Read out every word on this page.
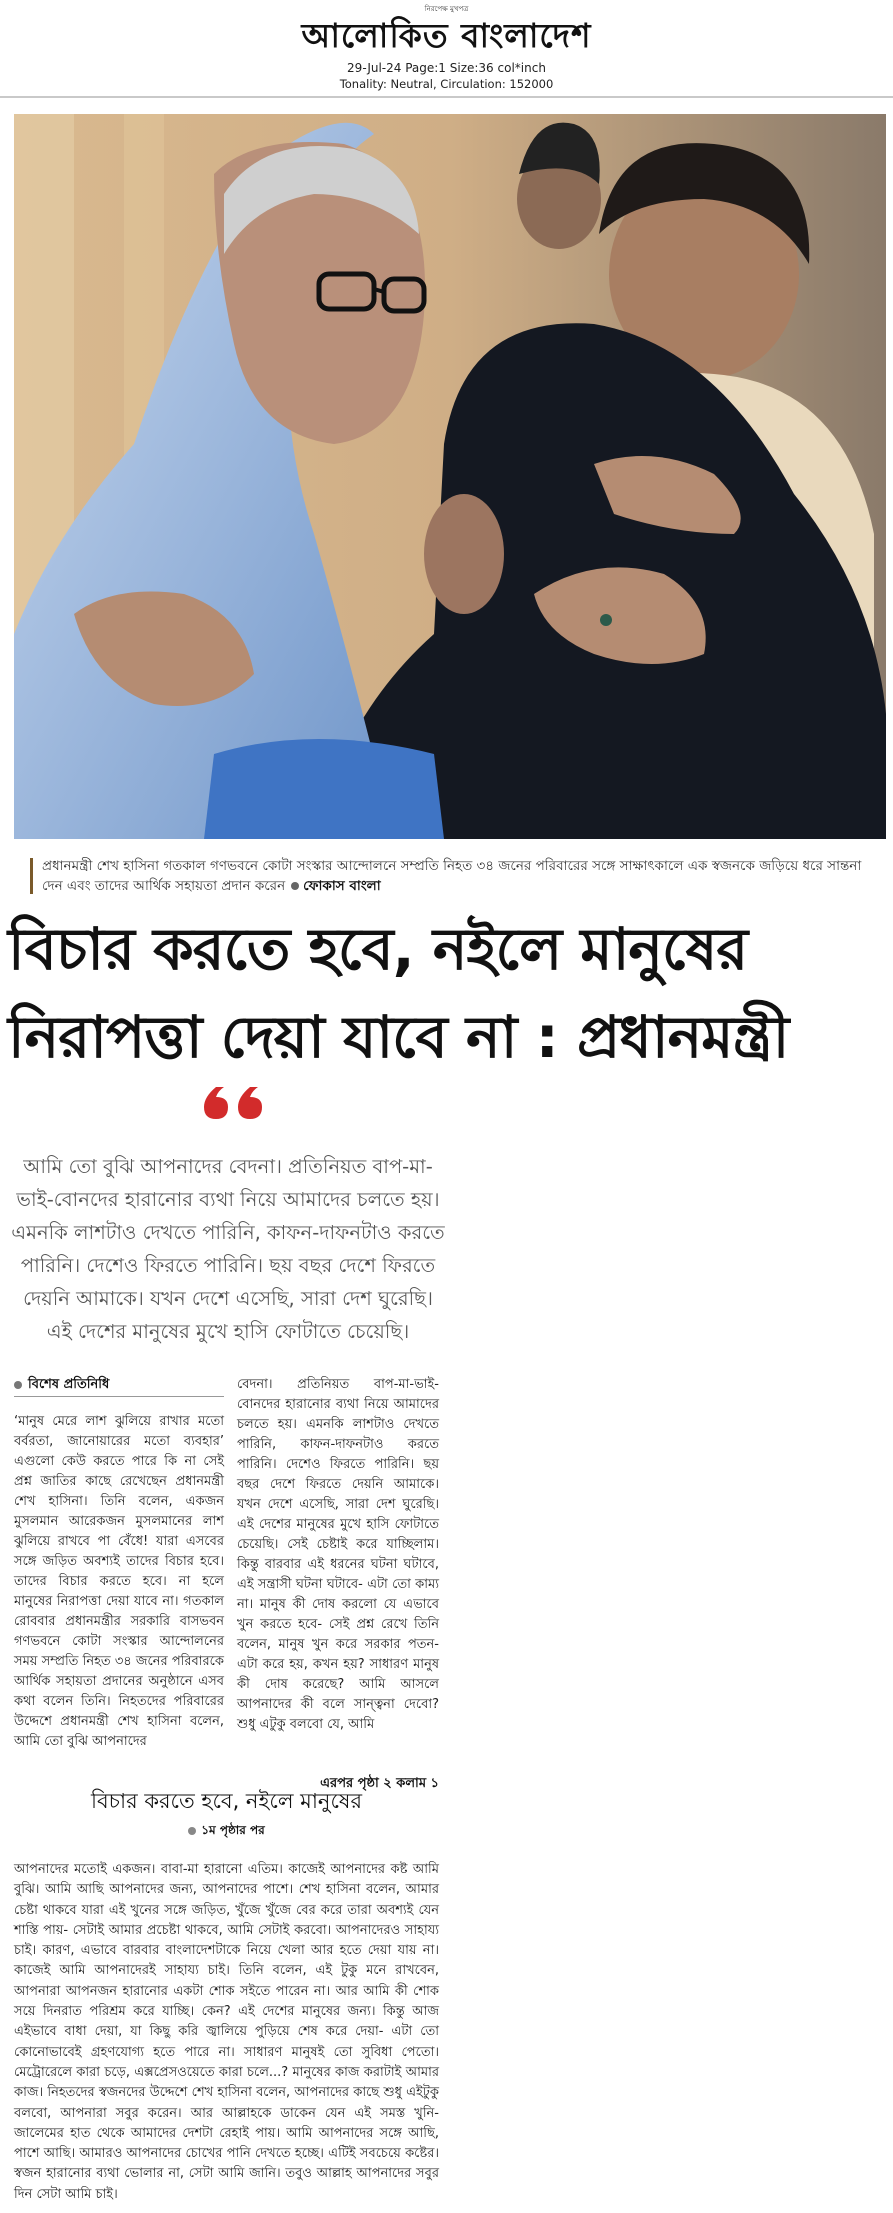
নিরপেক্ষ মুখপত্র
আলোকিত বাংলাদেশ
29-Jul-24 Page:1 Size:36 col*inch
Tonality: Neutral, Circulation: 152000
প্রধানমন্ত্রী শেখ হাসিনা গতকাল গণভবনে কোটা সংস্কার আন্দোলনে সম্প্রতি নিহত ৩৪ জনের পরিবারের সঙ্গে সাক্ষাৎকালে এক স্বজনকে জড়িয়ে ধরে সান্তনা দেন এবং তাদের আর্থিক সহায়তা প্রদান করেন ফোকাস বাংলা
বিচার করতে হবে, নইলে মানুষের
নিরাপত্তা দেয়া যাবে না : প্রধানমন্ত্রী
আমি তো বুঝি আপনাদের বেদনা। প্রতিনিয়ত বাপ-মা-ভাই-বোনদের হারানোর ব্যথা নিয়ে আমাদের চলতে হয়। এমনকি লাশটাও দেখতে পারিনি, কাফন-দাফনটাও করতে পারিনি। দেশেও ফিরতে পারিনি। ছয় বছর দেশে ফিরতে দেয়নি আমাকে। যখন দেশে এসেছি, সারা দেশ ঘুরেছি। এই দেশের মানুষের মুখে হাসি ফোটাতে চেয়েছি।
বিশেষ প্রতিনিধি
‘মানুষ মেরে লাশ ঝুলিয়ে রাখার মতো বর্বরতা, জানোয়ারের মতো ব্যবহার’ এগুলো কেউ করতে পারে কি না সেই প্রশ্ন জাতির কাছে রেখেছেন প্রধানমন্ত্রী শেখ হাসিনা। তিনি বলেন, একজন মুসলমান আরেকজন মুসলমানের লাশ ঝুলিয়ে রাখবে পা বেঁধে! যারা এসবের সঙ্গে জড়িত অবশ্যই তাদের বিচার হবে। তাদের বিচার করতে হবে। না হলে মানুষের নিরাপত্তা দেয়া যাবে না। গতকাল রোববার প্রধানমন্ত্রীর সরকারি বাসভবন গণভবনে কোটা সংস্কার আন্দোলনের সময় সম্প্রতি নিহত ৩৪ জনের পরিবারকে আর্থিক সহায়তা প্রদানের অনুষ্ঠানে এসব কথা বলেন তিনি। নিহতদের পরিবারের উদ্দেশে প্রধানমন্ত্রী শেখ হাসিনা বলেন, আমি তো বুঝি আপনাদের
বেদনা। প্রতিনিয়ত বাপ-মা-ভাই-বোনদের হারানোর ব্যথা নিয়ে আমাদের চলতে হয়। এমনকি লাশটাও দেখতে পারিনি, কাফন-দাফনটাও করতে পারিনি। দেশেও ফিরতে পারিনি। ছয় বছর দেশে ফিরতে দেয়নি আমাকে। যখন দেশে এসেছি, সারা দেশ ঘুরেছি। এই দেশের মানুষের মুখে হাসি ফোটাতে চেয়েছি। সেই চেষ্টাই করে যাচ্ছিলাম। কিন্তু বারবার এই ধরনের ঘটনা ঘটাবে, এই সন্ত্রাসী ঘটনা ঘটাবে- এটা তো কাম্য না। মানুষ কী দোষ করলো যে এভাবে খুন করতে হবে- সেই প্রশ্ন রেখে তিনি বলেন, মানুষ খুন করে সরকার পতন- এটা করে হয়, কখন হয়? সাধারণ মানুষ কী দোষ করেছে? আমি আসলে আপনাদের কী বলে সান্ত্বনা দেবো? শুধু এটুকু বলবো যে, আমি
এরপর পৃষ্ঠা ২ কলাম ১
বিচার করতে হবে, নইলে মানুষের
১ম পৃষ্ঠার পর
আপনাদের মতোই একজন। বাবা-মা হারানো এতিম। কাজেই আপনাদের কষ্ট আমি বুঝি। আমি আছি আপনাদের জন্য, আপনাদের পাশে। শেখ হাসিনা বলেন, আমার চেষ্টা থাকবে যারা এই খুনের সঙ্গে জড়িত, খুঁজে খুঁজে বের করে তারা অবশ্যই যেন শাস্তি পায়- সেটাই আমার প্রচেষ্টা থাকবে, আমি সেটাই করবো। আপনাদেরও সাহায্য চাই। কারণ, এভাবে বারবার বাংলাদেশটাকে নিয়ে খেলা আর হতে দেয়া যায় না। কাজেই আমি আপনাদেরই সাহায্য চাই। তিনি বলেন, এই টুকু মনে রাখবেন, আপনারা আপনজন হারানোর একটা শোক সইতে পারেন না। আর আমি কী শোক সয়ে দিনরাত পরিশ্রম করে যাচ্ছি। কেন? এই দেশের মানুষের জন্য। কিন্তু আজ এইভাবে বাধা দেয়া, যা কিছু করি জ্বালিয়ে পুড়িয়ে শেষ করে দেয়া- এটা তো কোনোভাবেই গ্রহণযোগ্য হতে পারে না। সাধারণ মানুষই তো সুবিধা পেতো। মেট্রোরেলে কারা চড়ে, এক্সপ্রেসওয়েতে কারা চলে...? মানুষের কাজ করাটাই আমার কাজ। নিহতদের স্বজনদের উদ্দেশে শেখ হাসিনা বলেন, আপনাদের কাছে শুধু এইটুকু বলবো, আপনারা সবুর করেন। আর আল্লাহকে ডাকেন যেন এই সমস্ত খুনি-জালেমের হাত থেকে আমাদের দেশটা রেহাই পায়। আমি আপনাদের সঙ্গে আছি, পাশে আছি। আমারও আপনাদের চোখের পানি দেখতে হচ্ছে। এটিই সবচেয়ে কষ্টের। স্বজন হারানোর ব্যথা ভোলার না, সেটা আমি জানি। তবুও আল্লাহ আপনাদের সবুর দিন সেটা আমি চাই।
